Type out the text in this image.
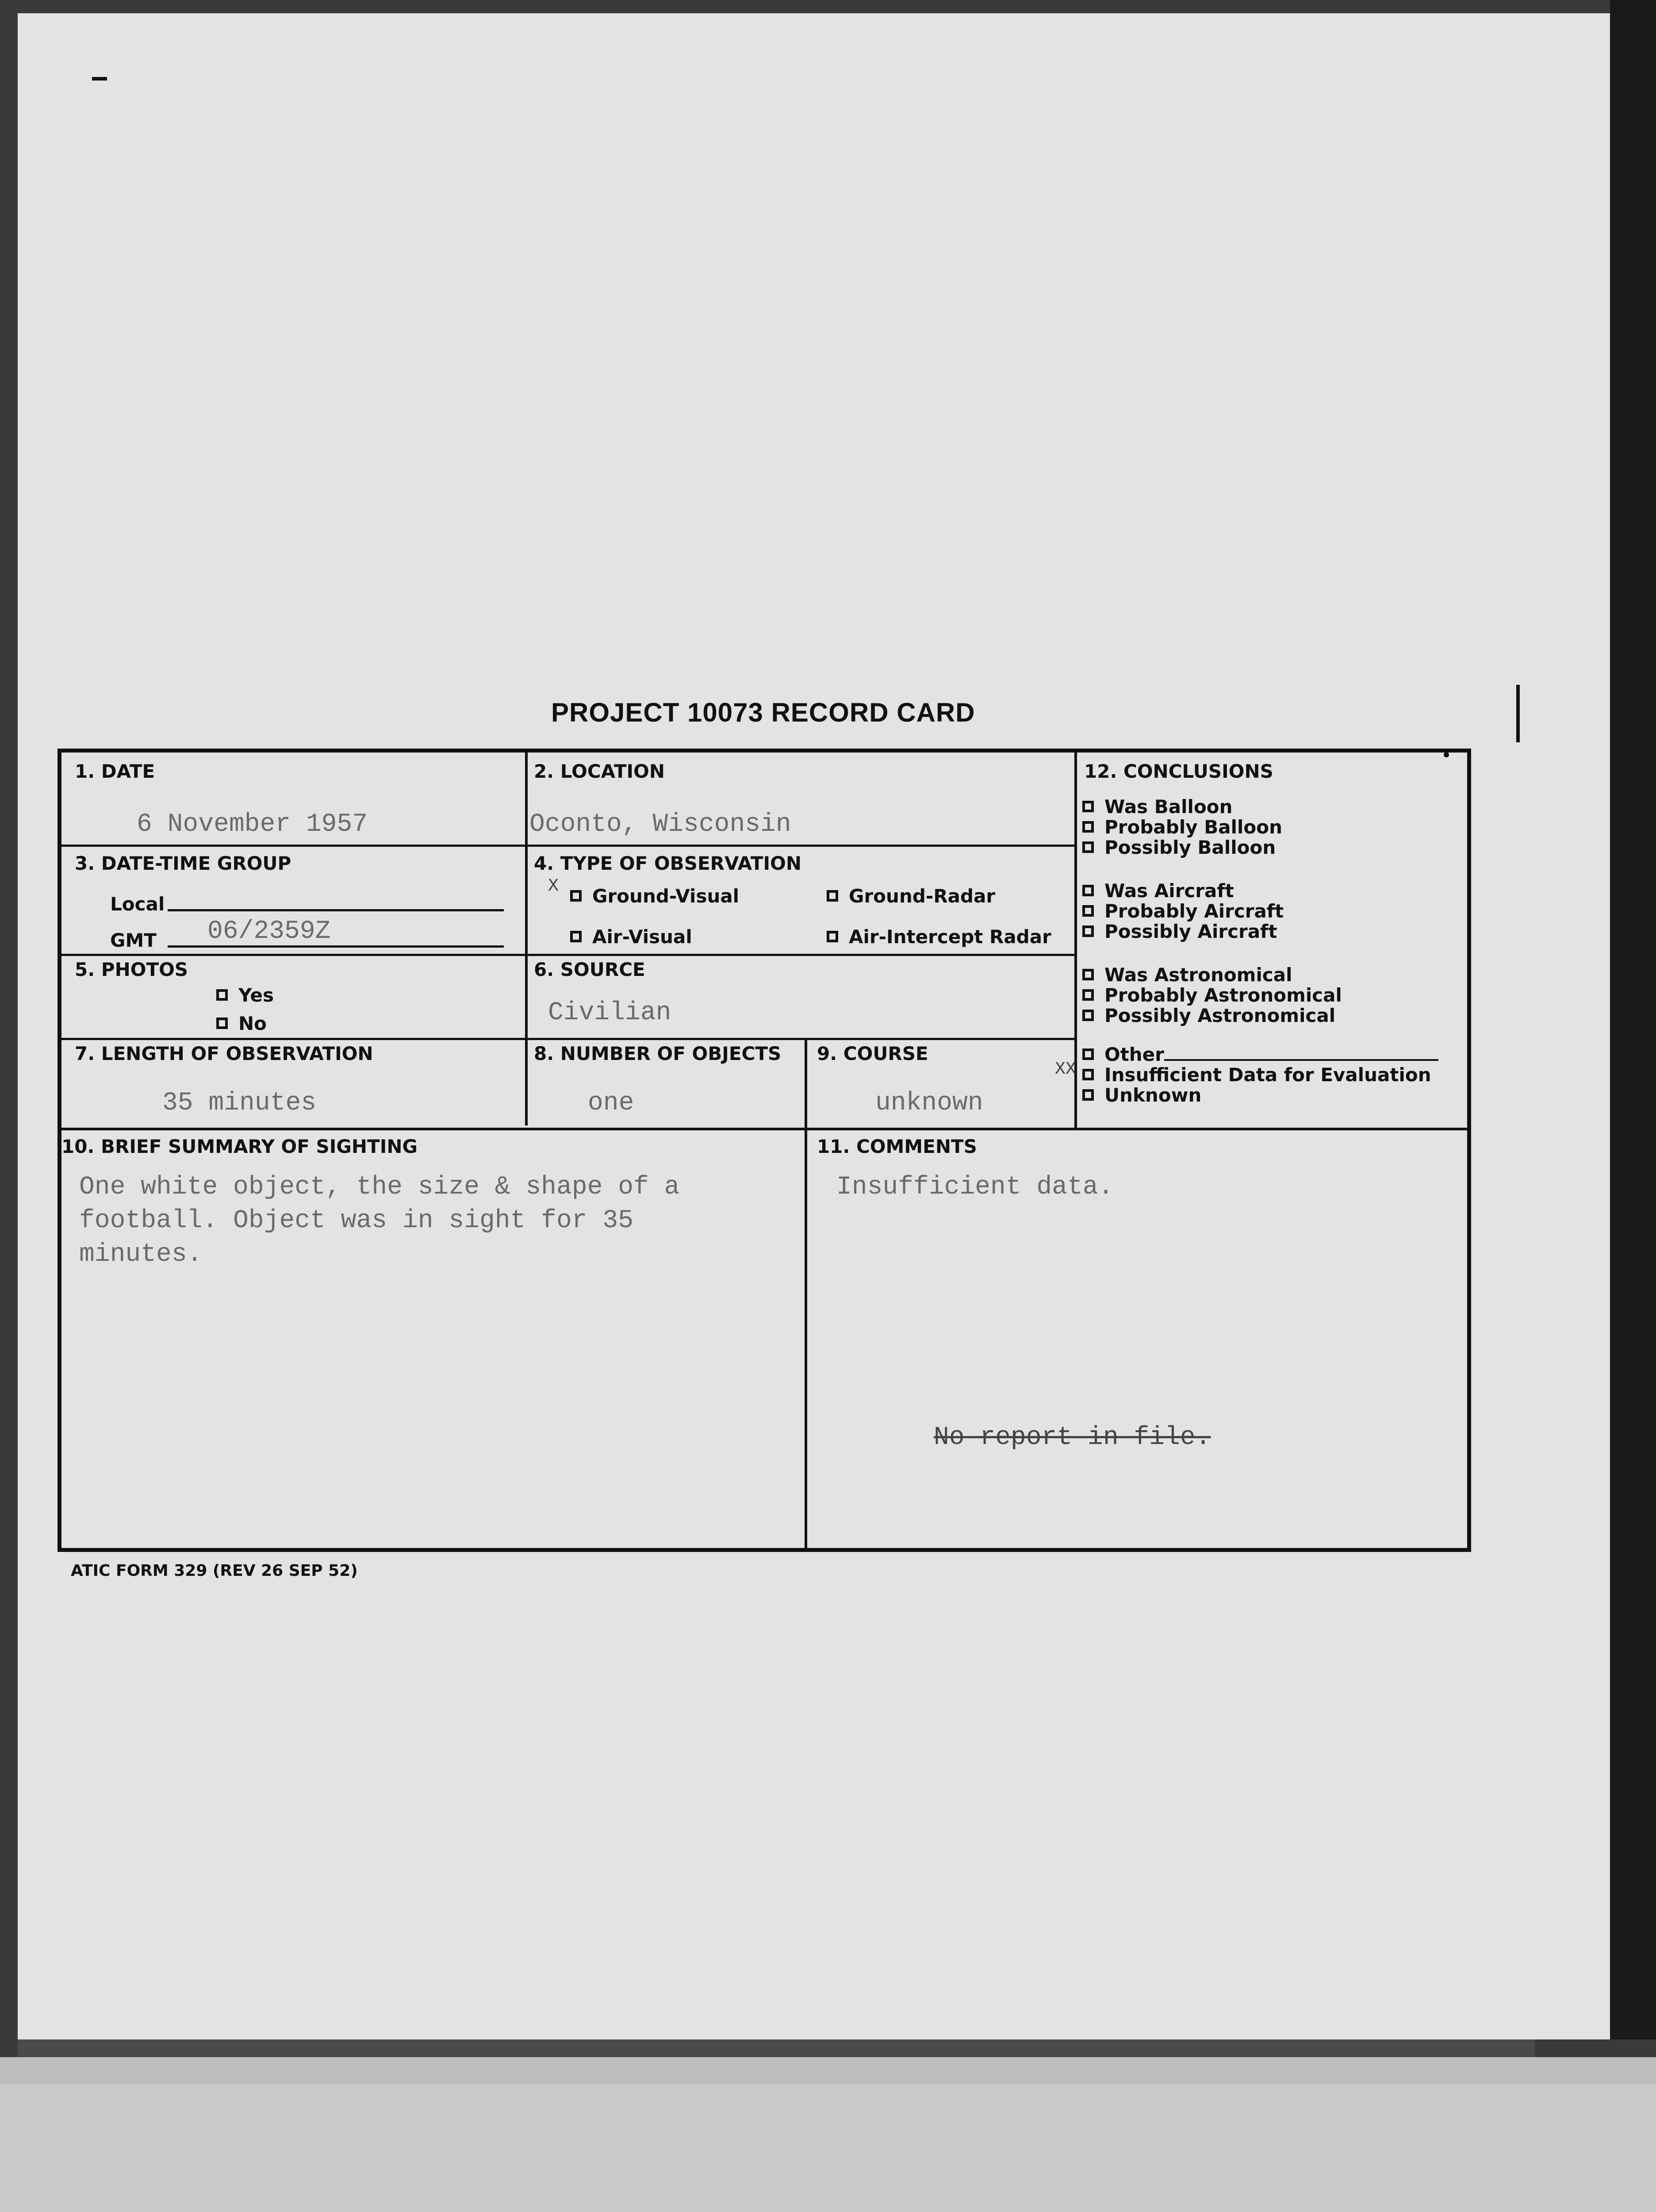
PROJECT 10073 RECORD CARD
1. DATE
6 November 1957
2. LOCATION
Oconto, Wisconsin
12. CONCLUSIONS
Was Balloon
Probably Balloon
Possibly Balloon
Was Aircraft
Probably Aircraft
Possibly Aircraft
Was Astronomical
Probably Astronomical
Possibly Astronomical
Other
Insufficient Data for Evaluation
Unknown
XX
3. DATE-TIME GROUP
Local
GMT 06/2359Z
4. TYPE OF OBSERVATION
X	Ground-Visual	Ground-Radar
Air-Visual	Air-Intercept Radar
5. PHOTOS
Yes
No
6. SOURCE
Civilian
7. LENGTH OF OBSERVATION
35 minutes
8. NUMBER OF OBJECTS
one
9. COURSE
unknown
10. BRIEF SUMMARY OF SIGHTING
One white object, the size & shape of a
football. Object was in sight for 35
minutes.
11. COMMENTS
Insufficient data.
No report in file.
ATIC FORM 329 (REV 26 SEP 52)
